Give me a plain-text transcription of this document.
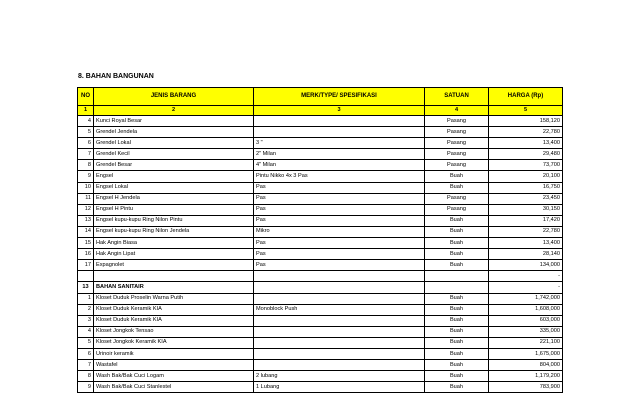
8. BAHAN BANGUNAN
NO	JENIS BARANG	MERK/TYPE/ SPESIFIKASI	SATUAN	HARGA (Rp)
1	2	3	4	5
4	Kunci Royal Besar		Pasang	158,120
5	Grendel Jendela		Pasang	22,780
6	Grendel Lokal	3 "	Pasang	13,400
7	Grendel Kecil	2" Milan	Pasang	29,480
8	Grendel Besar	4" Milan	Pasang	73,700
9	Engsel	Pintu Nikko 4x 3 Pas	Buah	20,100
10	Engsel Lokal	Pas	Buah	16,750
11	Engsel H Jendela	Pas	Pasang	23,450
12	Engsel H Pintu	Pas	Pasang	30,150
13	Engsel kupu-kupu Ring Nilon Pintu	Pas	Buah	17,420
14	Engsel kupu-kupu Ring Nilon Jendela	Mikro	Buah	22,780
15	Hak Angin Biasa	Pas	Buah	13,400
16	Hak Angin Lipat	Pas	Buah	28,140
17	Expagnolet	Pas	Buah	134,000
				-
13	BAHAN SANITAIR			-
1	Kloset Duduk Proselin Warna Putih		Buah	1,742,000
2	Kloset Duduk Keramik KIA	Monoblock Push	Buah	1,608,000
3	Kloset Duduk Keramik KIA		Buah	603,000
4	Kloset Jongkok Tensao		Buah	335,000
5	Kloset Jongkok Keramik KIA		Buah	221,100
6	Urinoir keramik		Buah	1,675,000
7	Wastafel		Buah	804,000
8	Wash Bak/Bak Cuci Logam	2 lubang	Buah	1,179,200
9	Wash Bak/Bak Cuci Stanlestel	1 Lubang	Buah	783,900
